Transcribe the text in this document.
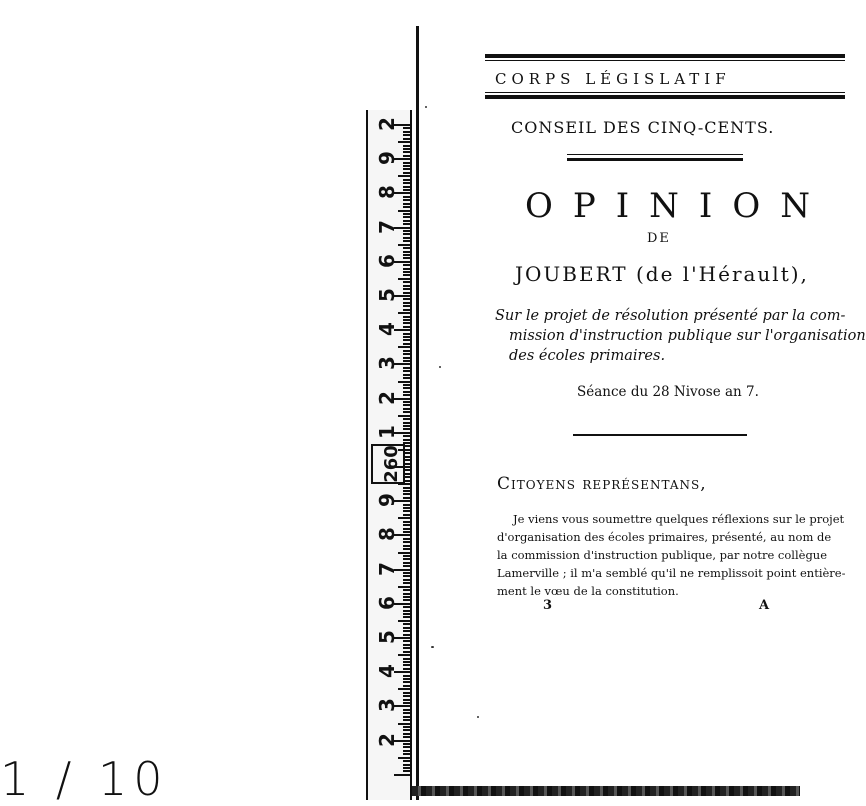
2
9
8
7
6
5
4
3
2
1
260
9
8
7
6
5
4
3
2
1 / 10
CORPS LÉGISLATIF
CONSEIL DES CINQ-CENTS.
OPINION
DE
JOUBERT (de l'Hérault),
Sur le projet de résolution présenté par la com-
mission d'instruction publique sur l'organisation
des écoles primaires.
Séance du 28 Nivose an 7.
Citoyens représentans,
Je viens vous soumettre quelques réflexions sur le projet
d'organisation des écoles primaires, présenté, au nom de
la commission d'instruction publique, par notre collègue
Lamerville ; il m'a semblé qu'il ne remplissoit point entière-
ment le vœu de la constitution.
3	A
